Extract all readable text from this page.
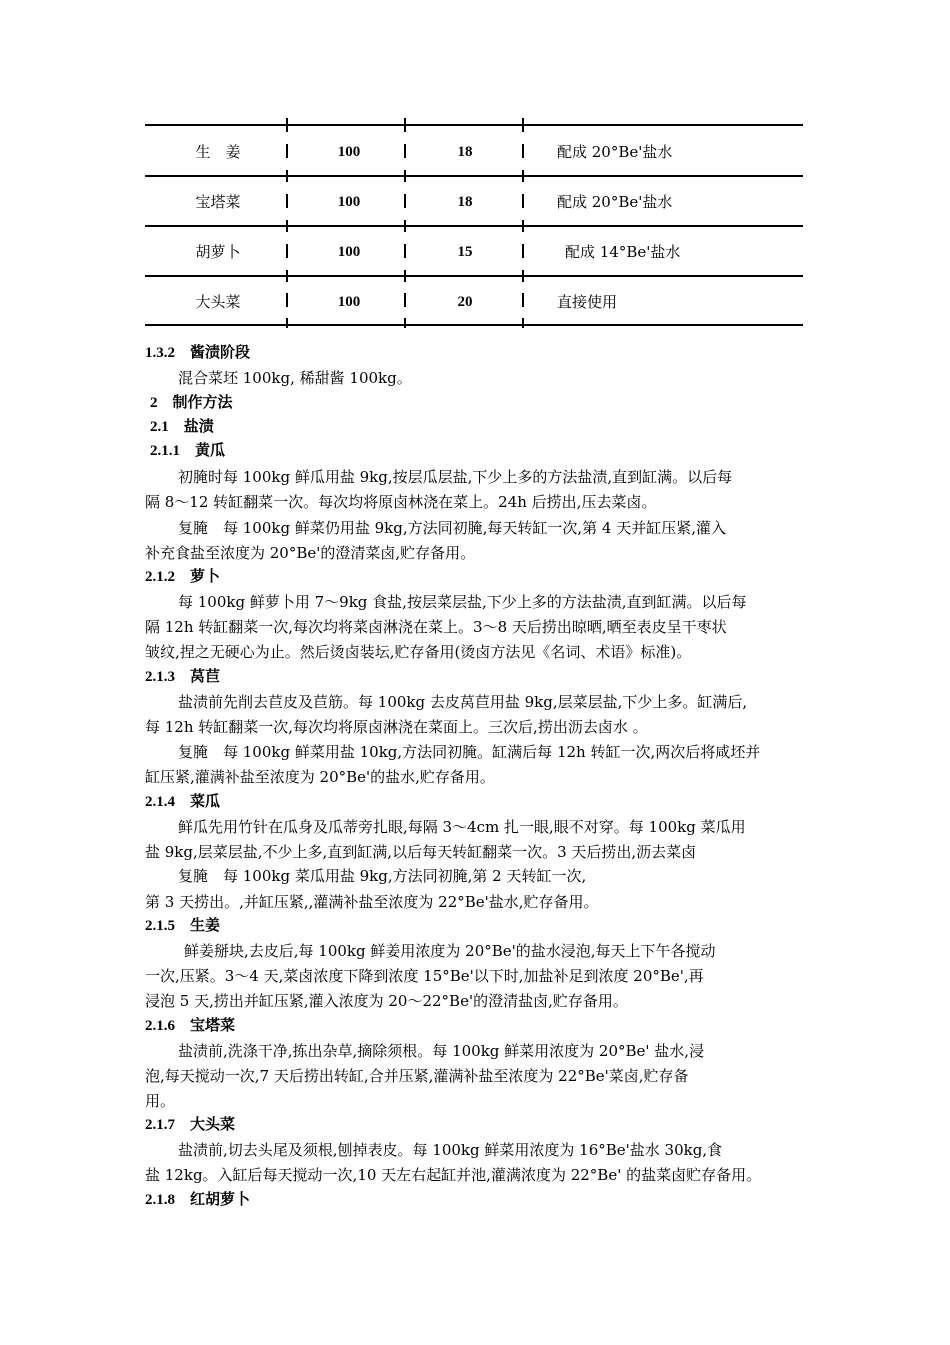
生　姜	100	18	配成 20°Be'盐水
宝塔菜	100	18	配成 20°Be'盐水
胡萝卜	100	15	配成 14°Be'盐水
大头菜	100	20	直接使用
1.3.2　酱渍阶段
混合菜坯 100kg, 稀甜酱 100kg。
2　制作方法
2.1　盐渍
2.1.1　黄瓜
初腌时每 100kg 鲜瓜用盐 9kg,按层瓜层盐,下少上多的方法盐渍,直到缸满。以后每
隔 8～12 转缸翻菜一次。每次均将原卤林浇在菜上。24h 后捞出,压去菜卤。
复腌　每 100kg 鲜菜仍用盐 9kg,方法同初腌,每天转缸一次,第 4 天并缸压紧,灌入
补充食盐至浓度为 20°Be'的澄清菜卤,贮存备用。
2.1.2　萝卜
每 100kg 鲜萝卜用 7～9kg 食盐,按层菜层盐,下少上多的方法盐渍,直到缸满。以后每
隔 12h 转缸翻菜一次,每次均将菜卤淋浇在菜上。3～8 天后捞出晾晒,晒至表皮呈干枣状
皱纹,捏之无硬心为止。然后烫卤装坛,贮存备用(烫卤方法见《名词、术语》标准)。
2.1.3　莴苣
盐渍前先削去苣皮及苣筋。每 100kg 去皮莴苣用盐 9kg,层菜层盐,下少上多。缸满后,
每 12h 转缸翻菜一次,每次均将原卤淋浇在菜面上。三次后,捞出沥去卤水 。
复腌　每 100kg 鲜菜用盐 10kg,方法同初腌。缸满后每 12h 转缸一次,两次后将咸坯并
缸压紧,灌满补盐至浓度为 20°Be'的盐水,贮存备用。
2.1.4　菜瓜
鲜瓜先用竹针在瓜身及瓜蒂旁扎眼,每隔 3～4cm 扎一眼,眼不对穿。每 100kg 菜瓜用
盐 9kg,层菜层盐,不少上多,直到缸满,以后每天转缸翻菜一次。3 天后捞出,沥去菜卤
复腌　每 100kg 菜瓜用盐 9kg,方法同初腌,第 2 天转缸一次,
第 3 天捞出。,并缸压紧,,灌满补盐至浓度为 22°Be'盐水,贮存备用。
2.1.5　生姜
鲜姜掰块,去皮后,每 100kg 鲜姜用浓度为 20°Be'的盐水浸泡,每天上下午各搅动
一次,压紧。3～4 天,菜卤浓度下降到浓度 15°Be'以下时,加盐补足到浓度 20°Be',再
浸泡 5 天,捞出并缸压紧,灌入浓度为 20～22°Be'的澄清盐卤,贮存备用。
2.1.6　宝塔菜
盐渍前,洗涤干净,拣出杂草,摘除须根。每 100kg 鲜菜用浓度为 20°Be' 盐水,浸
泡,每天搅动一次,7 天后捞出转缸,合并压紧,灌满补盐至浓度为 22°Be'菜卤,贮存备
用。
2.1.7　大头菜
盐渍前,切去头尾及须根,刨掉表皮。每 100kg 鲜菜用浓度为 16°Be'盐水 30kg,食
盐 12kg。入缸后每天搅动一次,10 天左右起缸并池,灌满浓度为 22°Be' 的盐菜卤贮存备用。
2.1.8　红胡萝卜
